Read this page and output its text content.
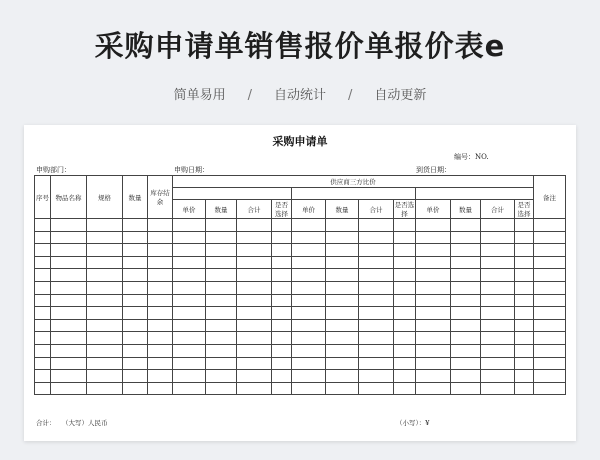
采购申请单销售报价单报价表e
简单易用 / 自动统计 / 自动更新
采购申请单
编号：NO.
申购部门：	申购日期：	到货日期：
序号	物品名称	规格	数量	库存结余	供应商三方比价												备注

					单价	数量	合计	是否选择	单价	数量	合计	是否选择	单价	数量	合计	是否选择	

合计： （大写）人民币	（小写）：¥
